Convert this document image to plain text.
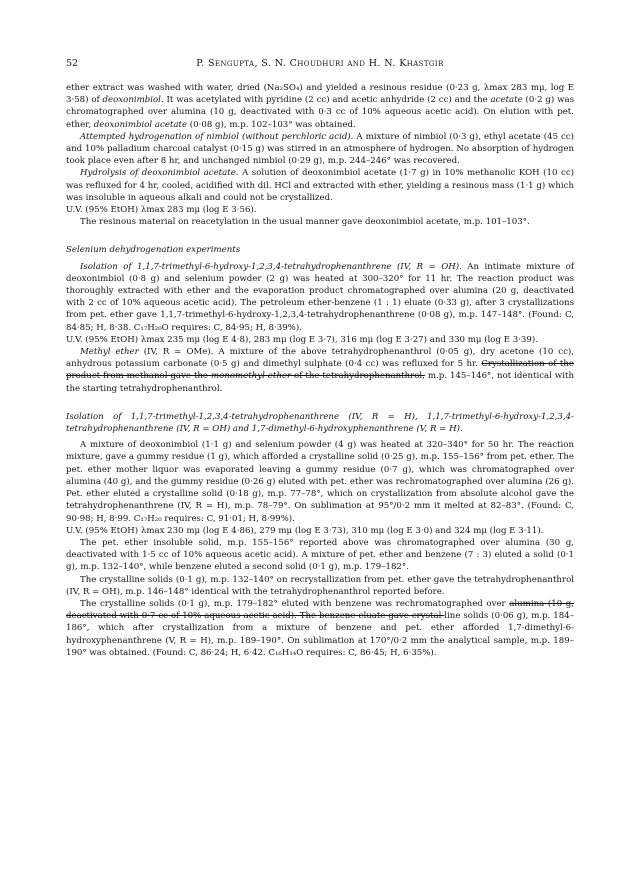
52	P. Sengupta, S. N. Choudhuri and H. N. Khastgir

ether extract was washed with water, dried (Na₂SO₄) and yielded a resinous residue (0·23 g, λmax 283 mμ, log E 3·58) of deoxonimbiol. It was acetylated with pyridine (2 cc) and acetic anhydride (2 cc) and the acetate (0·2 g) was chromatographed over alumina (10 g, deactivated with 0·3 cc of 10% aqueous acetic acid). On elution with pet. ether, deoxonimbiol acetate (0·08 g), m.p. 102–103° was obtained.

Attempted hydrogenation of nimbiol (without perchloric acid). A mixture of nimbiol (0·3 g), ethyl acetate (45 cc) and 10% palladium charcoal catalyst (0·15 g) was stirred in an atmosphere of hydrogen. No absorption of hydrogen took place even after 8 hr, and unchanged nimbiol (0·29 g), m.p. 244–246° was recovered.

Hydrolysis of deoxonimbiol acetate. A solution of deoxonimbiol acetate (1·7 g) in 10% methanolic KOH (10 cc) was refluxed for 4 hr, cooled, acidified with dil. HCl and extracted with ether, yielding a resinous mass (1·1 g) which was insoluble in aqueous alkali and could not be crystallized.

U.V. (95% EtOH) λmax 283 mμ (log E 3·56).

The resinous material on reacetylation in the usual manner gave deoxonimbiol acetate, m.p. 101–103°.

Selenium dehydrogenation experiments

Isolation of 1,1,7-trimethyl-6-hydroxy-1,2,3,4-tetrahydrophenanthrene (IV, R = OH). An intimate mixture of deoxonimbiol (0·8 g) and selenium powder (2 g) was heated at 300–320° for 11 hr. The reaction product was thoroughly extracted with ether and the evaporation product chromatographed over alumina (20 g, deactivated with 2 cc of 10% aqueous acetic acid). The petroleum ether-benzene (1 : 1) eluate (0·33 g), after 3 crystallizations from pet. ether gave 1,1,7-trimethyl-6-hydroxy-1,2,3,4-tetrahydrophenanthrene (0·08 g), m.p. 147–148°. (Found: C, 84·85; H, 8·38. C₁₇H₂₀O requires: C, 84·95; H, 8·39%).

U.V. (95% EtOH) λmax 235 mμ (log E 4·8), 283 mμ (log E 3·7), 316 mμ (log E 3·27) and 330 mμ (log E 3·39).

Methyl ether (IV, R = OMe). A mixture of the above tetrahydrophenanthrol (0·05 g), dry acetone (10 cc), anhydrous potassium carbonate (0·5 g) and dimethyl sulphate (0·4 cc) was refluxed for 5 hr. Crystallization of the product from methanol gave the monomethyl ether of the tetrahydrophenanthrol, m.p. 145–146°, not identical with the starting tetrahydrophenanthrol.

Isolation of 1,1,7-trimethyl-1,2,3,4-tetrahydrophenanthrene (IV, R = H), 1,1,7-trimethyl-6-hydroxy-1,2,3,4-tetrahydrophenanthrene (IV, R = OH) and 1,7-dimethyl-6-hydroxyphenanthrene (V, R = H).

A mixture of deoxonimbiol (1·1 g) and selenium powder (4 g) was heated at 320–340° for 50 hr. The reaction mixture, gave a gummy residue (1 g), which afforded a crystalline solid (0·25 g), m.p. 155–156° from pet. ether. The pet. ether mother liquor was evaporated leaving a gummy residue (0·7 g), which was chromatographed over alumina (40 g), and the gummy residue (0·26 g) eluted with pet. ether was rechromatographed over alumina (26 g). Pet. ether eluted a crystalline solid (0·18 g), m.p. 77–78°, which on crystallization from absolute alcohol gave the tetrahydrophenanthrene (IV, R = H), m.p. 78–79°. On sublimation at 95°/0·2 mm it melted at 82–83°. (Found: C, 90·98; H, 8·99. C₁₇H₂₀ requires: C, 91·01; H, 8·99%).

U.V. (95% EtOH) λmax 230 mμ (log E 4·86), 279 mμ (log E 3·73), 310 mμ (log E 3·0) and 324 mμ (log E 3·11).

The pet. ether insoluble solid, m.p. 155–156° reported above was chromatographed over alumina (30 g, deactivated with 1·5 cc of 10% aqueous acetic acid). A mixture of pet. ether and benzene (7 : 3) eluted a solid (0·1 g), m.p. 132–140°, while benzene eluted a second solid (0·1 g), m.p. 179–182°.

The crystalline solids (0·1 g), m.p. 132–140° on recrystallization from pet. ether gave the tetrahydrophenanthrol (IV, R = OH), m.p. 146–148° identical with the tetrahydrophenanthrol reported before.

The crystalline solids (0·1 g), m.p. 179–182° eluted with benzene was rechromatographed over alumina (10 g, deactivated with 0·7 cc of 10% aqueous acetic acid). The benzene eluate gave crystal-line solids (0·06 g), m.p. 184–186°, which after crystallization from a mixture of benzene and pet. ether afforded 1,7-dimethyl-6-hydroxyphenanthrene (V, R = H), m.p. 189–190°. On sublimation at 170°/0·2 mm the analytical sample, m.p. 189–190° was obtained. (Found: C, 86·24; H, 6·42. C₁₆H₁₄O requires: C, 86·45; H, 6·35%).
